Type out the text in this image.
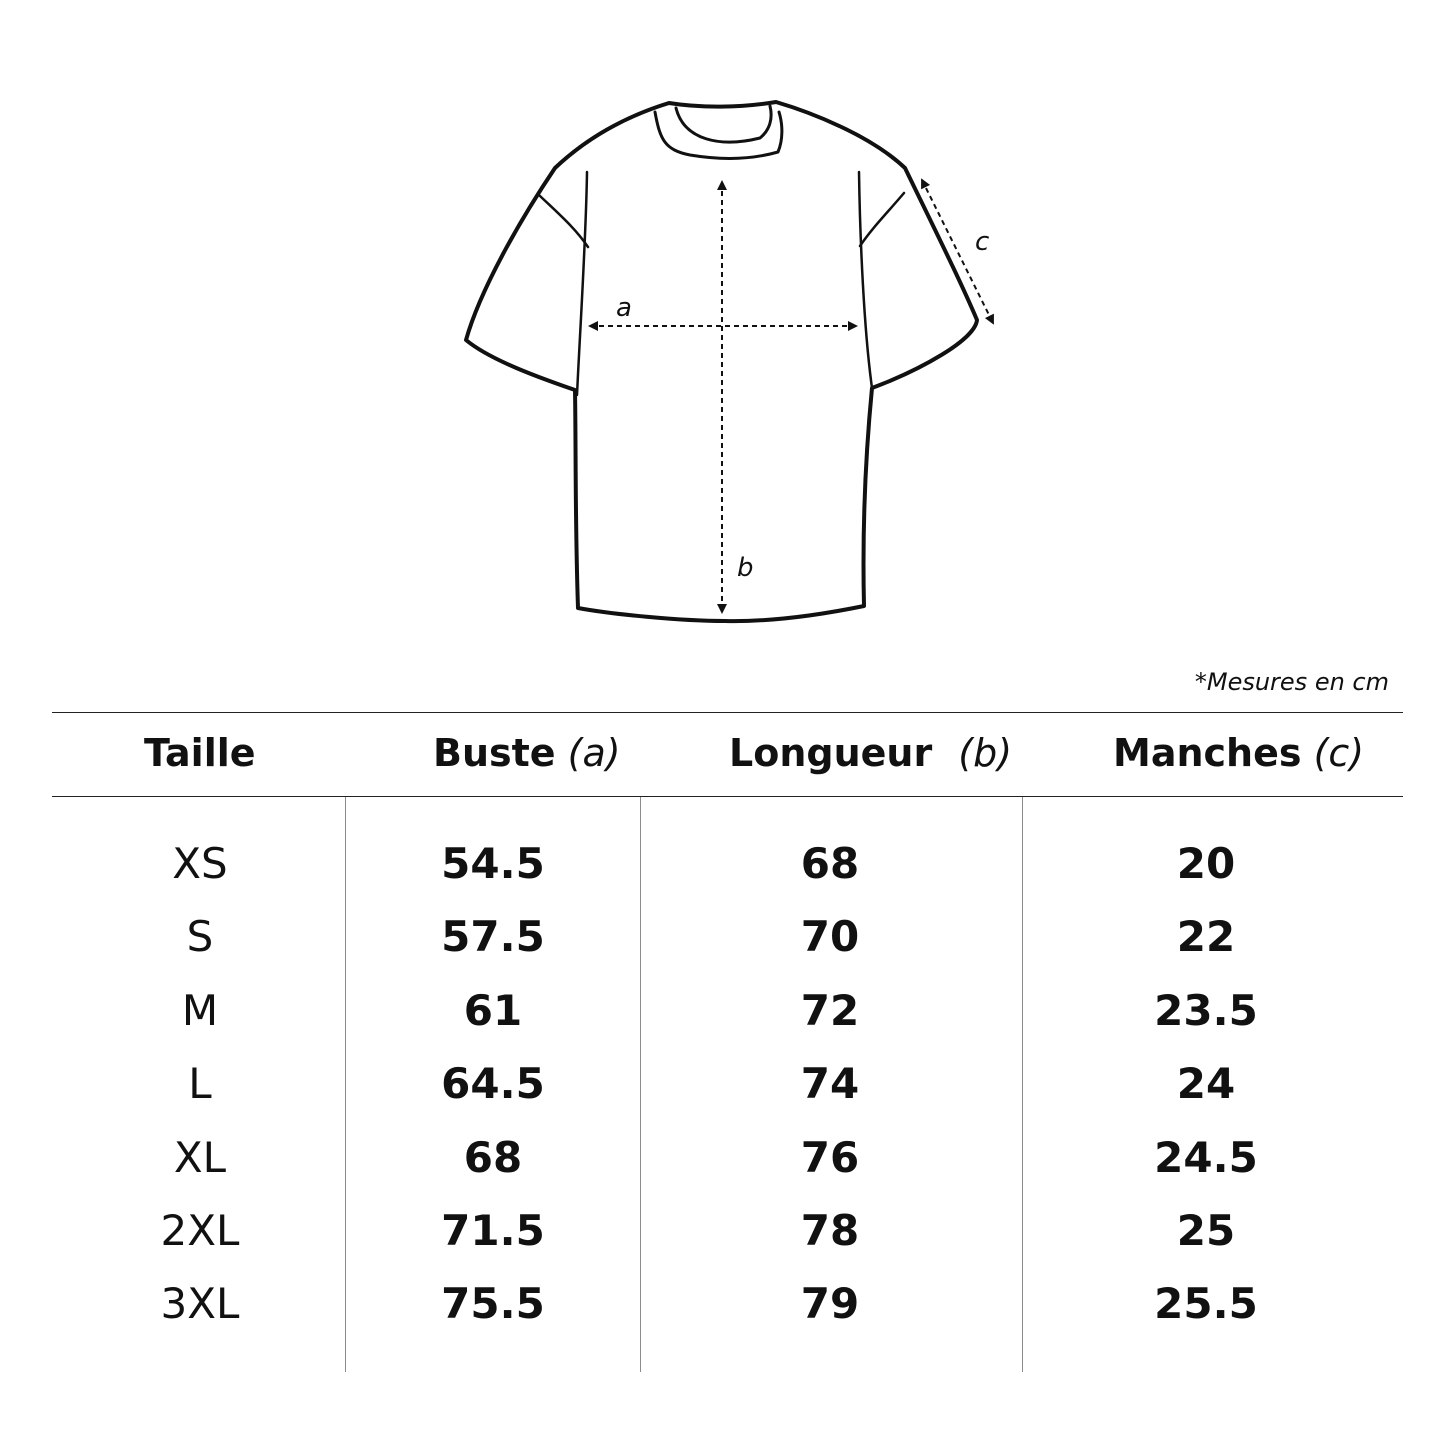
a
b
c
*Mesures en cm
Taille	Buste (a)	Longueur (b)	Manches (c)
XS	54.5	68	20
S	57.5	70	22
M	61	72	23.5
L	64.5	74	24
XL	68	76	24.5
2XL	71.5	78	25
3XL	75.5	79	25.5
